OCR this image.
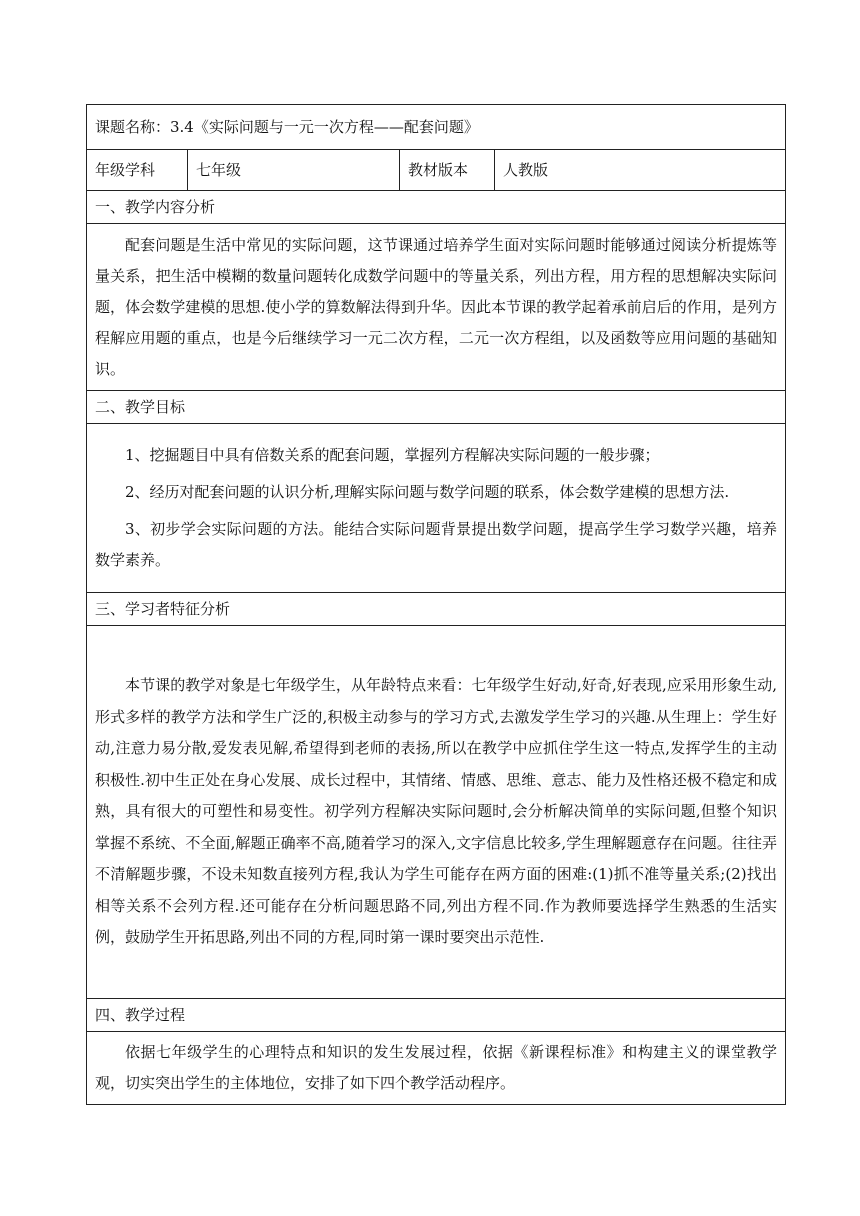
课题名称：3.4《实际问题与一元一次方程——配套问题》
年级学科	七年级	教材版本	人教版
一、教学内容分析

配套问题是生活中常见的实际问题，这节课通过培养学生面对实际问题时能够通过阅读分析提炼等量关系，把生活中模糊的数量问题转化成数学问题中的等量关系，列出方程，用方程的思想解决实际问题，体会数学建模的思想.使小学的算数解法得到升华。因此本节课的教学起着承前启后的作用，是列方程解应用题的重点，也是今后继续学习一元二次方程，二元一次方程组，以及函数等应用问题的基础知识。

二、教学目标

1、挖掘题目中具有倍数关系的配套问题，掌握列方程解决实际问题的一般步骤；

2、经历对配套问题的认识分析,理解实际问题与数学问题的联系，体会数学建模的思想方法.

3、初步学会实际问题的方法。能结合实际问题背景提出数学问题，提高学生学习数学兴趣，培养数学素养。

三、学习者特征分析

本节课的教学对象是七年级学生，从年龄特点来看：七年级学生好动,好奇,好表现,应采用形象生动,形式多样的教学方法和学生广泛的,积极主动参与的学习方式,去激发学生学习的兴趣.从生理上：学生好动,注意力易分散,爱发表见解,希望得到老师的表扬,所以在教学中应抓住学生这一特点,发挥学生的主动积极性.初中生正处在身心发展、成长过程中，其情绪、情感、思维、意志、能力及性格还极不稳定和成熟，具有很大的可塑性和易变性。初学列方程解决实际问题时,会分析解决简单的实际问题,但整个知识掌握不系统、不全面,解题正确率不高,随着学习的深入,文字信息比较多,学生理解题意存在问题。往往弄不清解题步骤，不设未知数直接列方程,我认为学生可能存在两方面的困难:(1)抓不准等量关系;(2)找出相等关系不会列方程.还可能存在分析问题思路不同,列出方程不同.作为教师要选择学生熟悉的生活实例，鼓励学生开拓思路,列出不同的方程,同时第一课时要突出示范性.

四、教学过程

依据七年级学生的心理特点和知识的发生发展过程，依据《新课程标准》和构建主义的课堂教学观，切实突出学生的主体地位，安排了如下四个教学活动程序。
